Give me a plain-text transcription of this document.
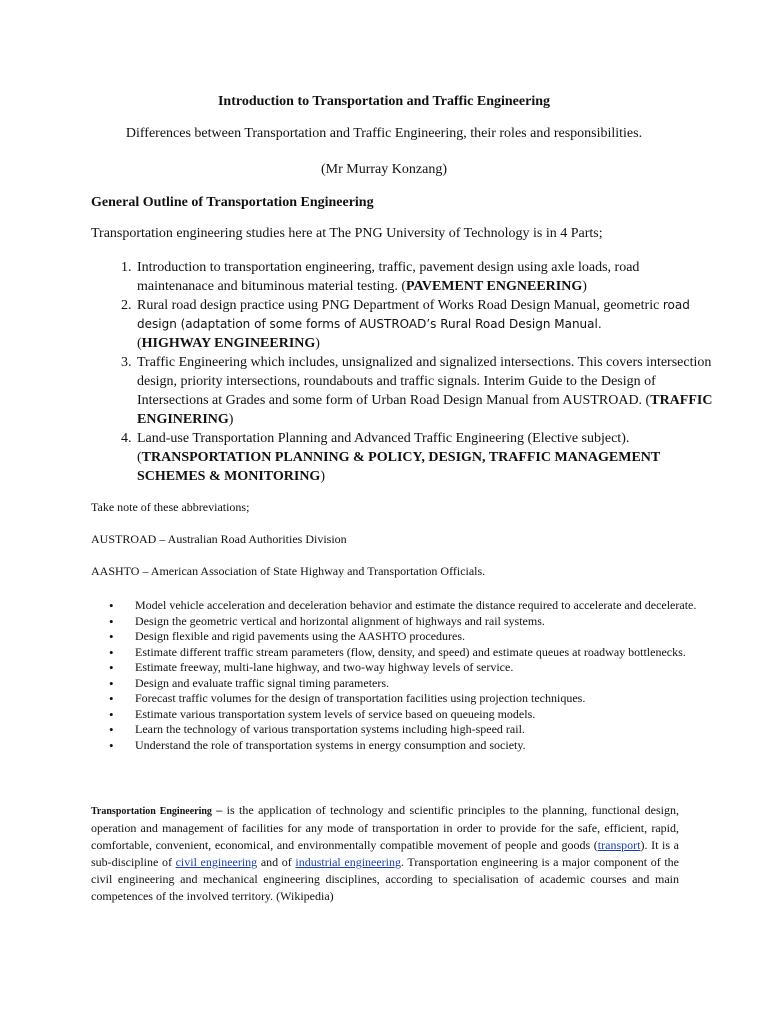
Introduction to Transportation and Traffic Engineering
Differences between Transportation and Traffic Engineering, their roles and responsibilities.
(Mr Murray Konzang)
General Outline of Transportation Engineering
Transportation engineering studies here at The PNG University of Technology is in 4 Parts;
1. Introduction to transportation engineering, traffic, pavement design using axle loads, road maintenanace and bituminous material testing. (PAVEMENT ENGNEERING)
2. Rural road design practice using PNG Department of Works Road Design Manual, geometric road design (adaptation of some forms of AUSTROAD’s Rural Road Design Manual.
(HIGHWAY ENGINEERING)
3. Traffic Engineering which includes, unsignalized and signalized intersections. This covers intersection design, priority intersections, roundabouts and traffic signals. Interim Guide to the Design of Intersections at Grades and some form of Urban Road Design Manual from AUSTROAD. (TRAFFIC ENGINERING)
4. Land-use Transportation Planning and Advanced Traffic Engineering (Elective subject). (TRANSPORTATION PLANNING & POLICY, DESIGN, TRAFFIC MANAGEMENT SCHEMES & MONITORING)
Take note of these abbreviations;
AUSTROAD – Australian Road Authorities Division
AASHTO – American Association of State Highway and Transportation Officials.
• Model vehicle acceleration and deceleration behavior and estimate the distance required to accelerate and decelerate.
• Design the geometric vertical and horizontal alignment of highways and rail systems.
• Design flexible and rigid pavements using the AASHTO procedures.
• Estimate different traffic stream parameters (flow, density, and speed) and estimate queues at roadway bottlenecks.
• Estimate freeway, multi-lane highway, and two-way highway levels of service.
• Design and evaluate traffic signal timing parameters.
• Forecast traffic volumes for the design of transportation facilities using projection techniques.
• Estimate various transportation system levels of service based on queueing models.
• Learn the technology of various transportation systems including high-speed rail.
• Understand the role of transportation systems in energy consumption and society.
Transportation Engineering – is the application of technology and scientific principles to the planning, functional design, operation and management of facilities for any mode of transportation in order to provide for the safe, efficient, rapid, comfortable, convenient, economical, and environmentally compatible movement of people and goods (transport). It is a sub-discipline of civil engineering and of industrial engineering. Transportation engineering is a major component of the civil engineering and mechanical engineering disciplines, according to specialisation of academic courses and main competences of the involved territory. (Wikipedia)
